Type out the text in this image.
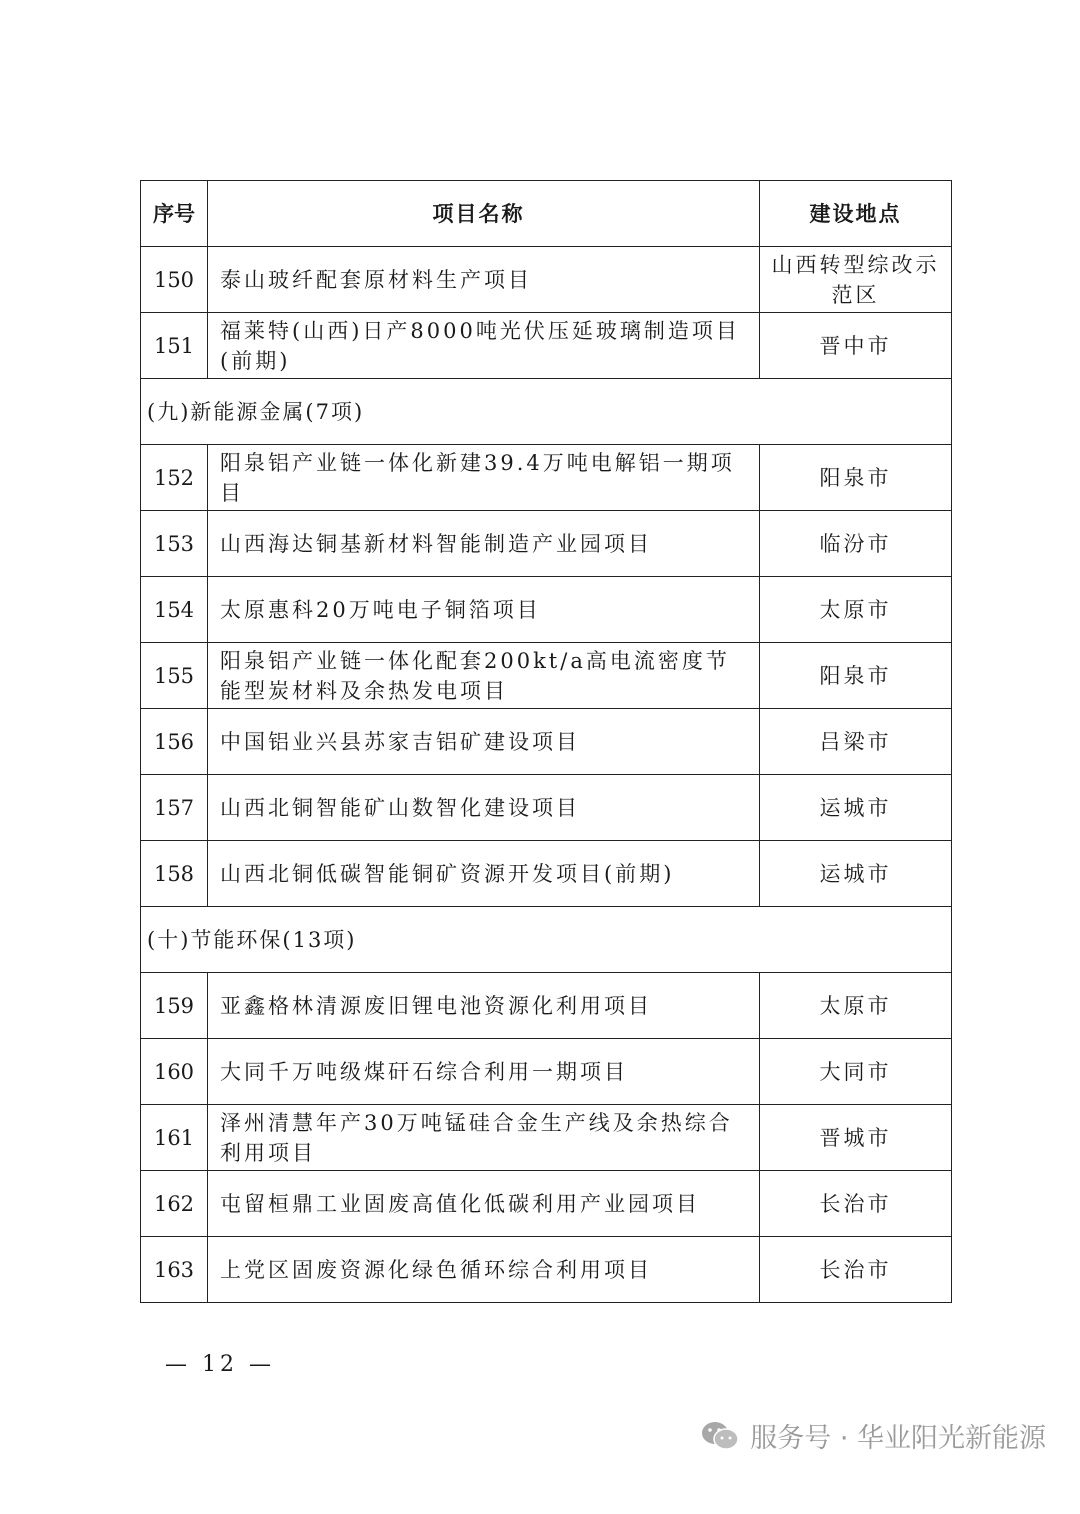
序号	项目名称	建设地点
150	泰山玻纤配套原材料生产项目	山西转型综改示范区
151	福莱特(山西)日产8000吨光伏压延玻璃制造项目(前期)	晋中市
(九)新能源金属(7项)		
152	阳泉铝产业链一体化新建39.4万吨电解铝一期项目	阳泉市
153	山西海达铜基新材料智能制造产业园项目	临汾市
154	太原惠科20万吨电子铜箔项目	太原市
155	阳泉铝产业链一体化配套200kt/a高电流密度节能型炭材料及余热发电项目	阳泉市
156	中国铝业兴县苏家吉铝矿建设项目	吕梁市
157	山西北铜智能矿山数智化建设项目	运城市
158	山西北铜低碳智能铜矿资源开发项目(前期)	运城市
(十)节能环保(13项)		
159	亚鑫格林清源废旧锂电池资源化利用项目	太原市
160	大同千万吨级煤矸石综合利用一期项目	大同市
161	泽州清慧年产30万吨锰硅合金生产线及余热综合利用项目	晋城市
162	屯留桓鼎工业固废高值化低碳利用产业园项目	长治市
163	上党区固废资源化绿色循环综合利用项目	长治市
— 12 —
服务号 · 华业阳光新能源
